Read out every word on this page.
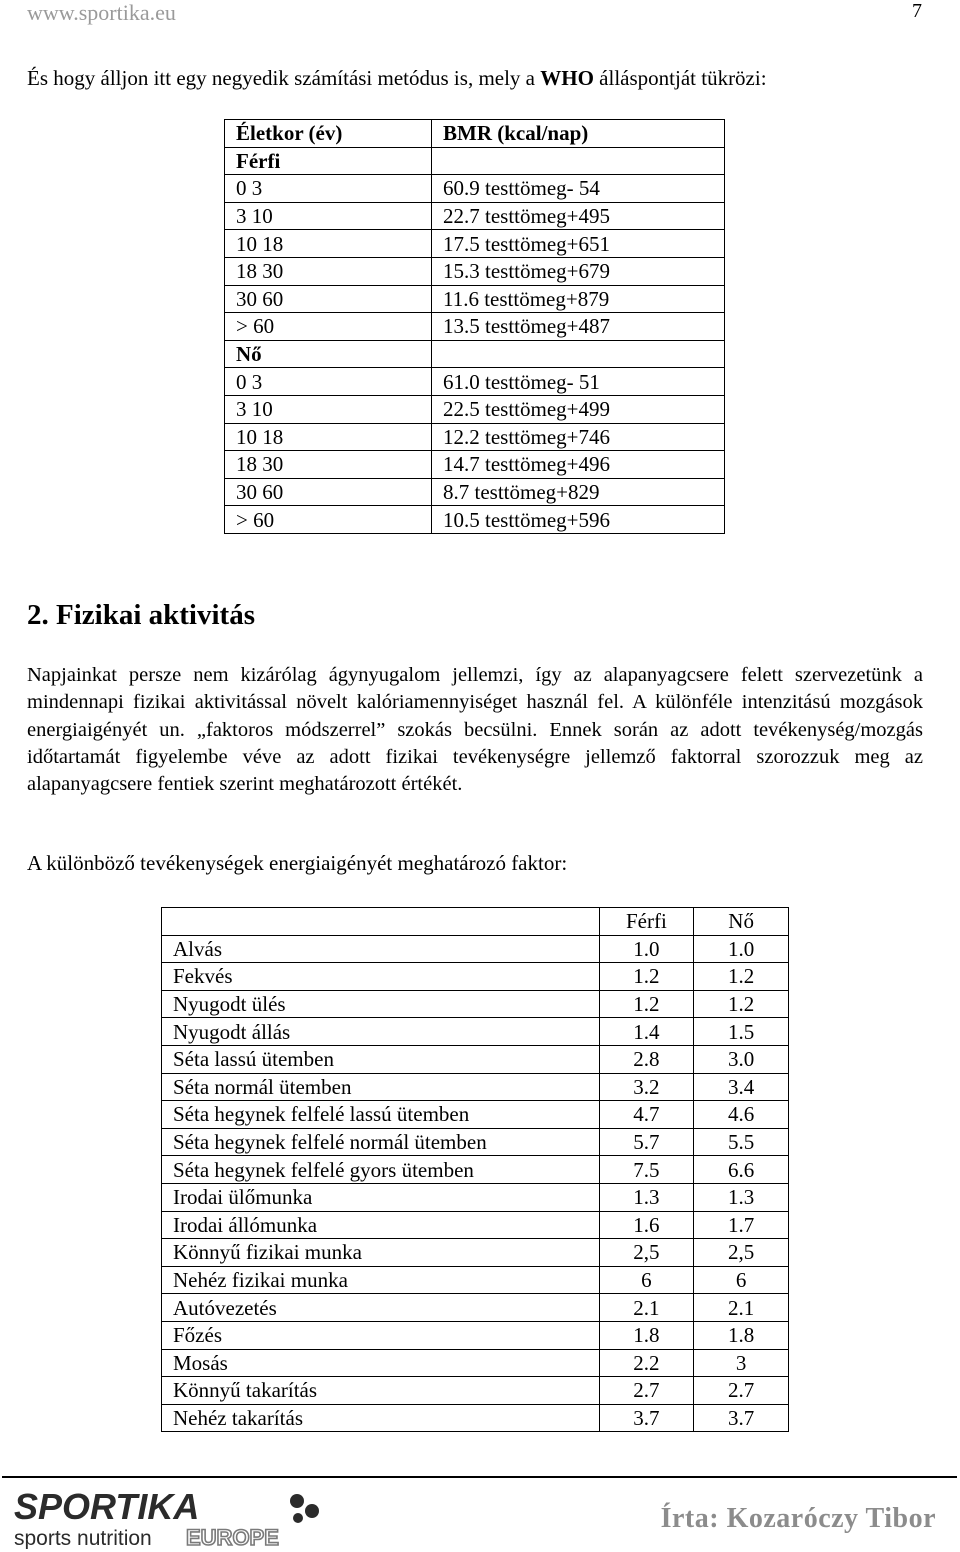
www.sportika.eu	7
És hogy álljon itt egy negyedik számítási metódus is, mely a WHO álláspontját tükrözi:
Életkor (év)	BMR (kcal/nap)
Férfi	
0 3	60.9 testtömeg- 54
3 10	22.7 testtömeg+495
10 18	17.5 testtömeg+651
18 30	15.3 testtömeg+679
30 60	11.6 testtömeg+879
> 60	13.5 testtömeg+487
Nő	
0 3	61.0 testtömeg- 51
3 10	22.5 testtömeg+499
10 18	12.2 testtömeg+746
18 30	14.7 testtömeg+496
30 60	8.7 testtömeg+829
> 60	10.5 testtömeg+596
2. Fizikai aktivitás
Napjainkat persze nem kizárólag ágynyugalom jellemzi, így az alapanyagcsere felett szervezetünk a mindennapi fizikai aktivitással növelt kalóriamennyiséget használ fel. A különféle intenzitású mozgások energiaigényét un. „faktoros módszerrel” szokás becsülni. Ennek során az adott tevékenység/mozgás időtartamát figyelembe véve az adott fizikai tevékenységre jellemző faktorral szorozzuk meg az alapanyagcsere fentiek szerint meghatározott értékét.
A különböző tevékenységek energiaigényét meghatározó faktor:
	Férfi	Nő
Alvás	1.0	1.0
Fekvés	1.2	1.2
Nyugodt ülés	1.2	1.2
Nyugodt állás	1.4	1.5
Séta lassú ütemben	2.8	3.0
Séta normál ütemben	3.2	3.4
Séta hegynek felfelé lassú ütemben	4.7	4.6
Séta hegynek felfelé normál ütemben	5.7	5.5
Séta hegynek felfelé gyors ütemben	7.5	6.6
Irodai ülőmunka	1.3	1.3
Irodai állómunka	1.6	1.7
Könnyű fizikai munka	2,5	2,5
Nehéz fizikai munka	6	6
Autóvezetés	2.1	2.1
Főzés	1.8	1.8
Mosás	2.2	3
Könnyű takarítás	2.7	2.7
Nehéz takarítás	3.7	3.7
SPORTIKA
sports nutrition EUROPE
Írta: Kozaróczy Tibor
